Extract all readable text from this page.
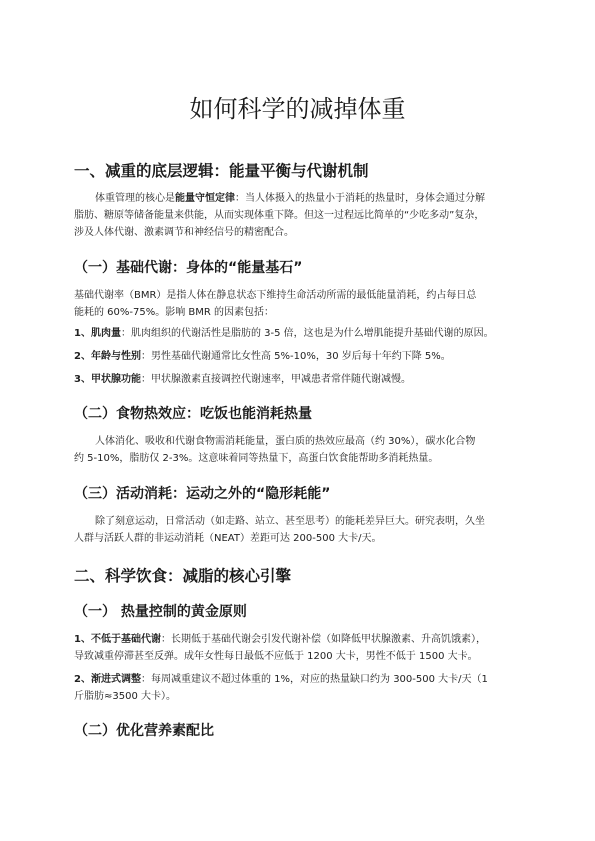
如何科学的减掉体重
一、减重的底层逻辑：能量平衡与代谢机制

体重管理的核心是能量守恒定律：当人体摄入的热量小于消耗的热量时，身体会通过分解

脂肪、糖原等储备能量来供能，从而实现体重下降。但这一过程远比简单的“少吃多动”复杂，

涉及人体代谢、激素调节和神经信号的精密配合。

（一）基础代谢：身体的“能量基石”

基础代谢率（BMR）是指人体在静息状态下维持生命活动所需的最低能量消耗，约占每日总

能耗的 60%-75%。影响 BMR 的因素包括：

1、肌肉量：肌肉组织的代谢活性是脂肪的 3-5 倍，这也是为什么增肌能提升基础代谢的原因。

2、年龄与性别：男性基础代谢通常比女性高 5%-10%，30 岁后每十年约下降 5%。

3、甲状腺功能：甲状腺激素直接调控代谢速率，甲减患者常伴随代谢减慢。

（二）食物热效应：吃饭也能消耗热量

人体消化、吸收和代谢食物需消耗能量，蛋白质的热效应最高（约 30%），碳水化合物

约 5-10%，脂肪仅 2-3%。这意味着同等热量下，高蛋白饮食能帮助多消耗热量。

（三）活动消耗：运动之外的“隐形耗能”

除了刻意运动，日常活动（如走路、站立、甚至思考）的能耗差异巨大。研究表明，久坐

人群与活跃人群的非运动消耗（NEAT）差距可达 200-500 大卡/天。

二、科学饮食：减脂的核心引擎
（一） 热量控制的黄金原则

1、不低于基础代谢：长期低于基础代谢会引发代谢补偿（如降低甲状腺激素、升高饥饿素），

导致减重停滞甚至反弹。成年女性每日最低不应低于 1200 大卡，男性不低于 1500 大卡。

2、渐进式调整：每周减重建议不超过体重的 1%，对应的热量缺口约为 300-500 大卡/天（1

斤脂肪≈3500 大卡）。

（二）优化营养素配比
